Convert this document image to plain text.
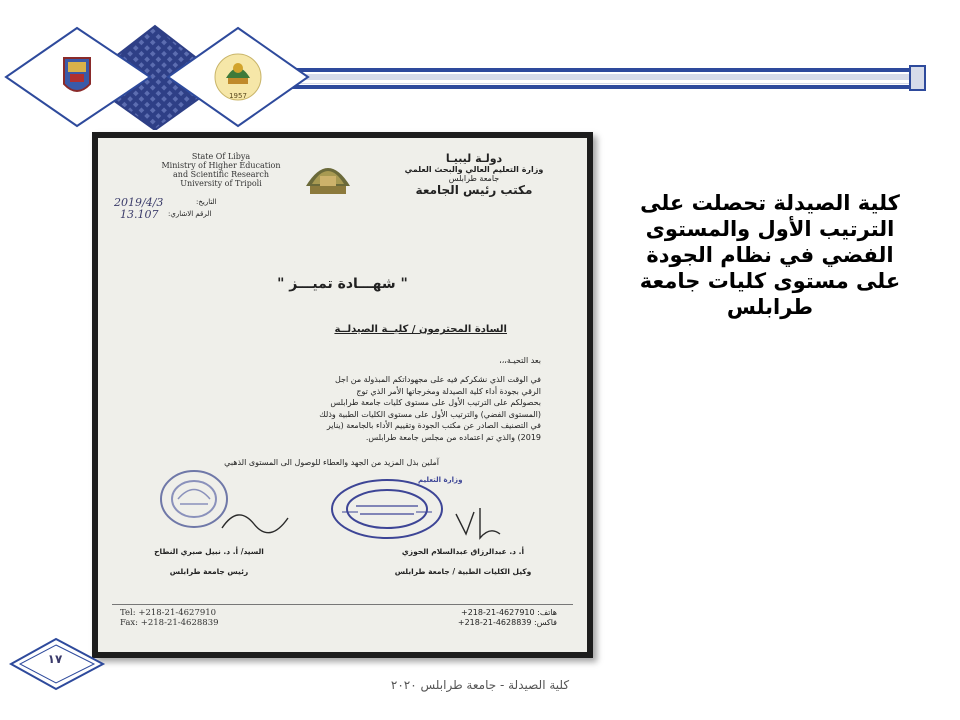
1957
State Of Libya
Ministry of Higher Education
and Scientific Research
University of Tripoli
2019/4/3	التاريخ:
13.107 الرقم الاشاري:
دولـة ليبيـا
وزارة التعليم العالي والبحث العلمي
جامعة طرابلس
مكتب رئيس الجامعة
" شهـــادة تميـــز "
السادة المحترمون / كليــة الصيدلــة
بعد التحيـة،،،
في الوقت الذي نشكركم فيه على مجهوداتكم المبذولة من اجل
الرقي بجودة أداء كلية الصيدلة ومخرجاتها الأمر الذي توج
بحصولكم على الترتيب الأول على مستوى كليات جامعة طرابلس
(المستوى الفضي) والترتيب الأول على مستوى الكليات الطبية وذلك
في التصنيف الصادر عن مكتب الجودة وتقييم الأداء بالجامعة (يناير
2019) والذي تم اعتماده من مجلس جامعة طرابلس.
آملين بذل المزيد من الجهد والعطاء للوصول الى المستوى الذهبي
وزارة التعليم
السيد/ أ. د. نبيل صبري النطاح
رئيس جامعة طرابلس
أ. د. عبدالرزاق عبدالسلام الحوزي
وكيل الكليات الطبية / جامعة طرابلس
Tel: +218-21-4627910
Fax: +218-21-4628839
هاتف: 4627910-21-218+
فاكس: 4628839-21-218+
كلية الصيدلة تحصلت على الترتيب الأول والمستوى الفضي في نظام الجودة على مستوى كليات جامعة طرابلس
١٧
كلية الصيدلة - جامعة طرابلس ٢٠٢٠
